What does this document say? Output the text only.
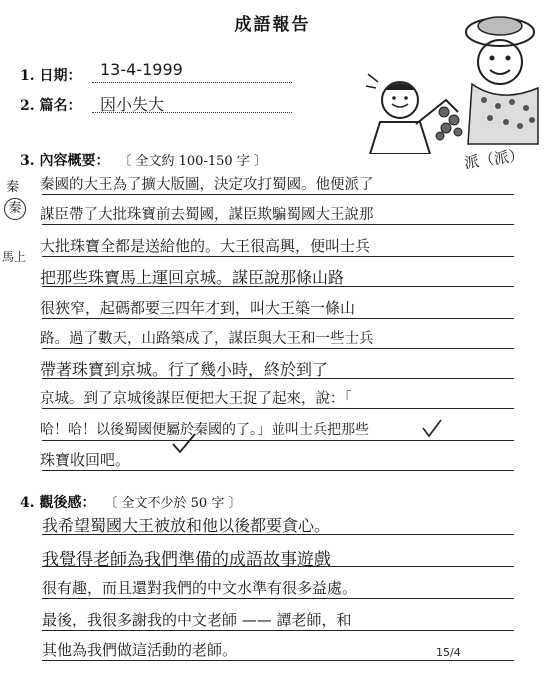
成語報告
1. 日期： 13-4-1999
2. 篇名： 因小失大
3. 內容概要： 〔 全文約 100-150 字 〕
秦
秦
馬上
派（派）
秦國的大王為了擴大版圖，決定攻打蜀國。他便派了
謀臣帶了大批珠寶前去蜀國，謀臣欺騙蜀國大王說那
大批珠寶全都是送給他的。大王很高興，便叫士兵
把那些珠寶馬上運回京城。謀臣說那條山路
很狹窄，起碼都要三四年才到，叫大王築一條山
路。過了數天，山路築成了，謀臣與大王和一些士兵
帶著珠寶到京城。行了幾小時，終於到了
京城。到了京城後謀臣便把大王捉了起來，說：「
哈！哈！以後蜀國便屬於秦國的了。」並叫士兵把那些
珠寶收回吧。
4. 觀後感： 〔 全文不少於 50 字 〕
我希望蜀國大王被放和他以後都要貪心。
我覺得老師為我們準備的成語故事遊戲
很有趣，而且還對我們的中文水準有很多益處。
最後，我很多謝我的中文老師 —— 譚老師，和
其他為我們做這活動的老師。	15/4
